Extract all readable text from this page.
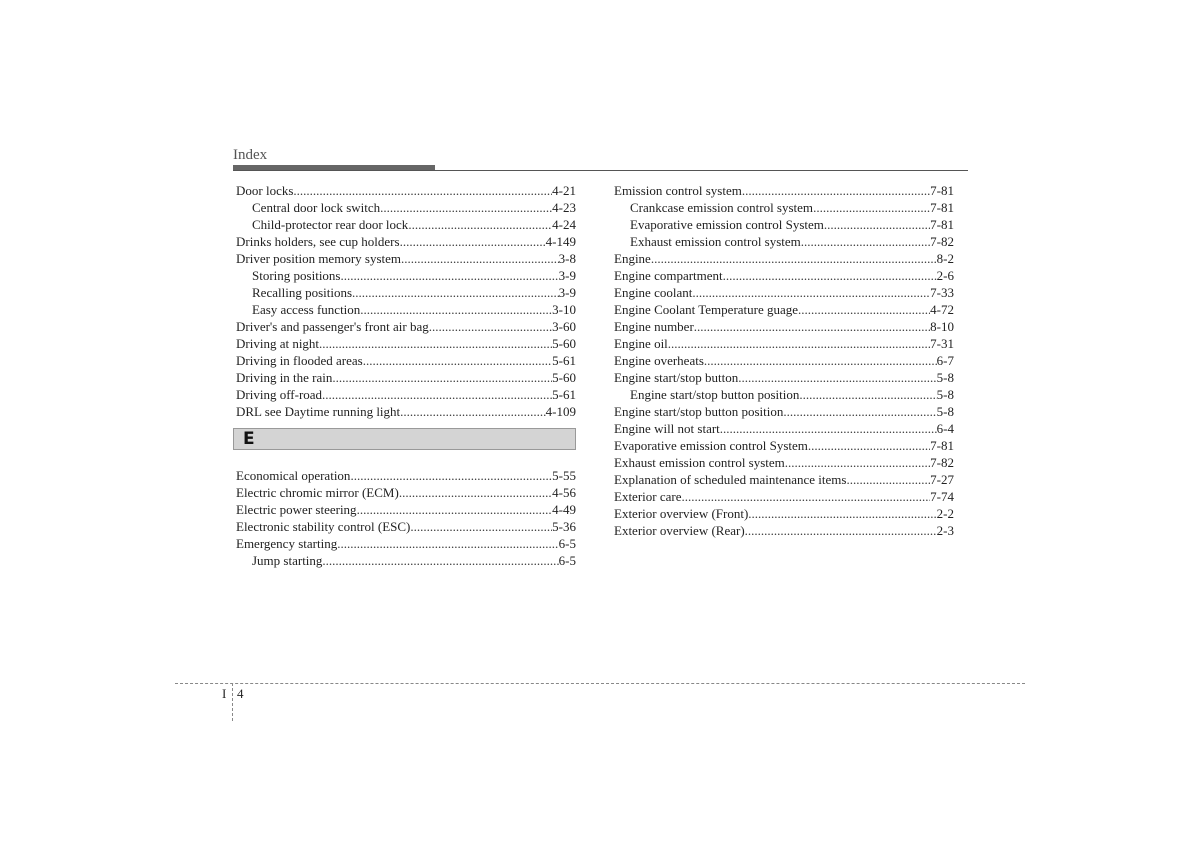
Index
Door locks .....	4-21
Central door lock switch .....	4-23
Child-protector rear door lock .....	4-24
Drinks holders, see cup holders .....	4-149
Driver position memory system .....	3-8
Storing positions .....	3-9
Recalling positions .....	3-9
Easy access function .....	3-10
Driver's and passenger's front air bag .....	3-60
Driving at night .....	5-60
Driving in flooded areas .....	5-61
Driving in the rain .....	5-60
Driving off-road .....	5-61
DRL see Daytime running light .....	4-109
E
Economical operation .....	5-55
Electric chromic mirror (ECM) .....	4-56
Electric power steering .....	4-49
Electronic stability control (ESC) .....	5-36
Emergency starting .....	6-5
Jump starting .....	6-5
Emission control system .....	7-81
Crankcase emission control system .....	7-81
Evaporative emission control System .....	7-81
Exhaust emission control system .....	7-82
Engine .....	8-2
Engine compartment .....	2-6
Engine coolant .....	7-33
Engine Coolant Temperature guage .....	4-72
Engine number .....	8-10
Engine oil .....	7-31
Engine overheats .....	6-7
Engine start/stop button .....	5-8
Engine start/stop button position .....	5-8
Engine start/stop button position .....	5-8
Engine will not start .....	6-4
Evaporative emission control System .....	7-81
Exhaust emission control system .....	7-82
Explanation of scheduled maintenance items .....	7-27
Exterior care .....	7-74
Exterior overview (Front) .....	2-2
Exterior overview (Rear) .....	2-3
I 4
